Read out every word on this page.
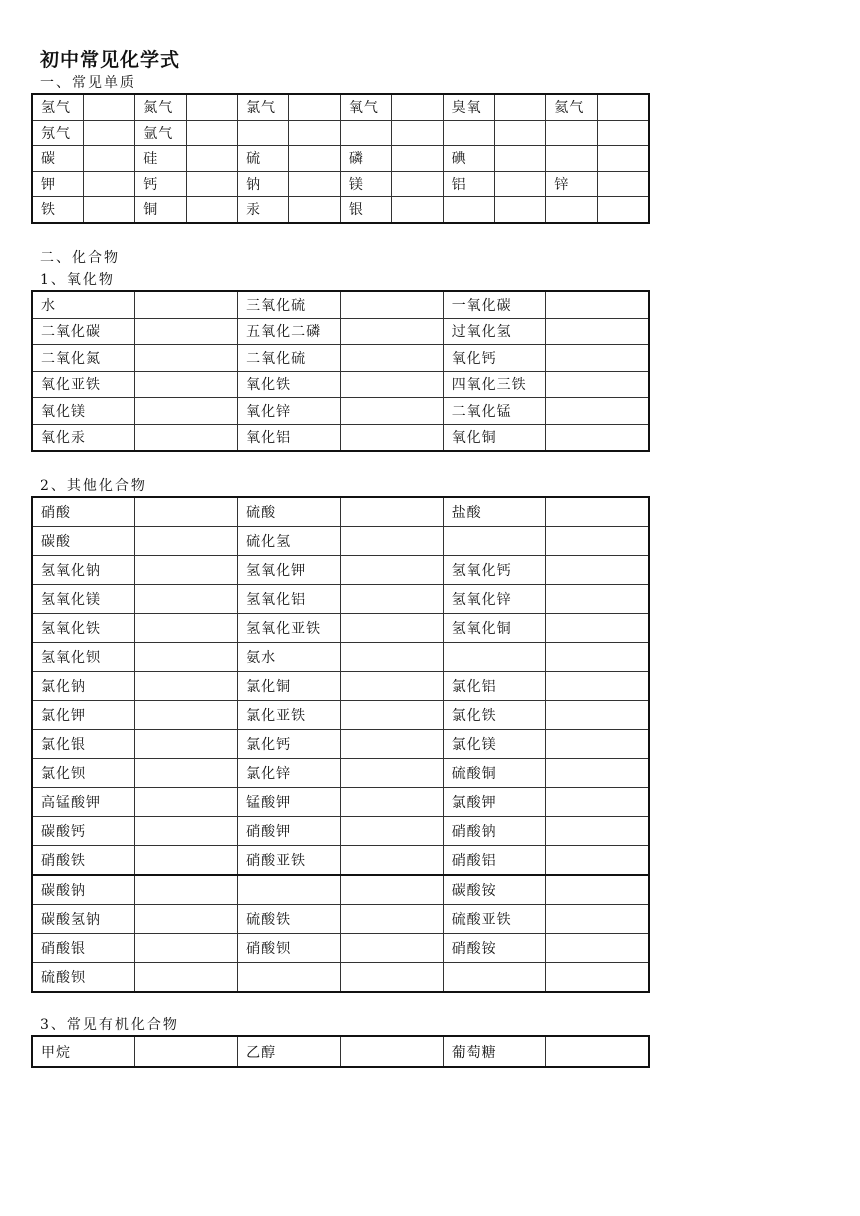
初中常见化学式
一、常见单质
氢气		氮气		氯气		氧气		臭氧		氦气	
氖气		氩气									
碳		硅		硫		磷		碘			
钾		钙		钠		镁		铝		锌	
铁		铜		汞		银					
二、化合物
1、氧化物
水		三氧化硫		一氧化碳	
二氧化碳		五氧化二磷		过氧化氢	
二氧化氮		二氧化硫		氧化钙	
氧化亚铁		氧化铁		四氧化三铁	
氧化镁		氧化锌		二氧化锰	
氧化汞		氧化铝		氧化铜	
2、其他化合物
硝酸		硫酸		盐酸	
碳酸		硫化氢			
氢氧化钠		氢氧化钾		氢氧化钙	
氢氧化镁		氢氧化铝		氢氧化锌	
氢氧化铁		氢氧化亚铁		氢氧化铜	
氢氧化钡		氨水			
氯化钠		氯化铜		氯化铝	
氯化钾		氯化亚铁		氯化铁	
氯化银		氯化钙		氯化镁	
氯化钡		氯化锌		硫酸铜	
高锰酸钾		锰酸钾		氯酸钾	
碳酸钙		硝酸钾		硝酸钠	
硝酸铁		硝酸亚铁		硝酸铝	
碳酸钠				碳酸铵	
碳酸氢钠		硫酸铁		硫酸亚铁	
硝酸银		硝酸钡		硝酸铵	
硫酸钡					
3、常见有机化合物
甲烷		乙醇		葡萄糖	
